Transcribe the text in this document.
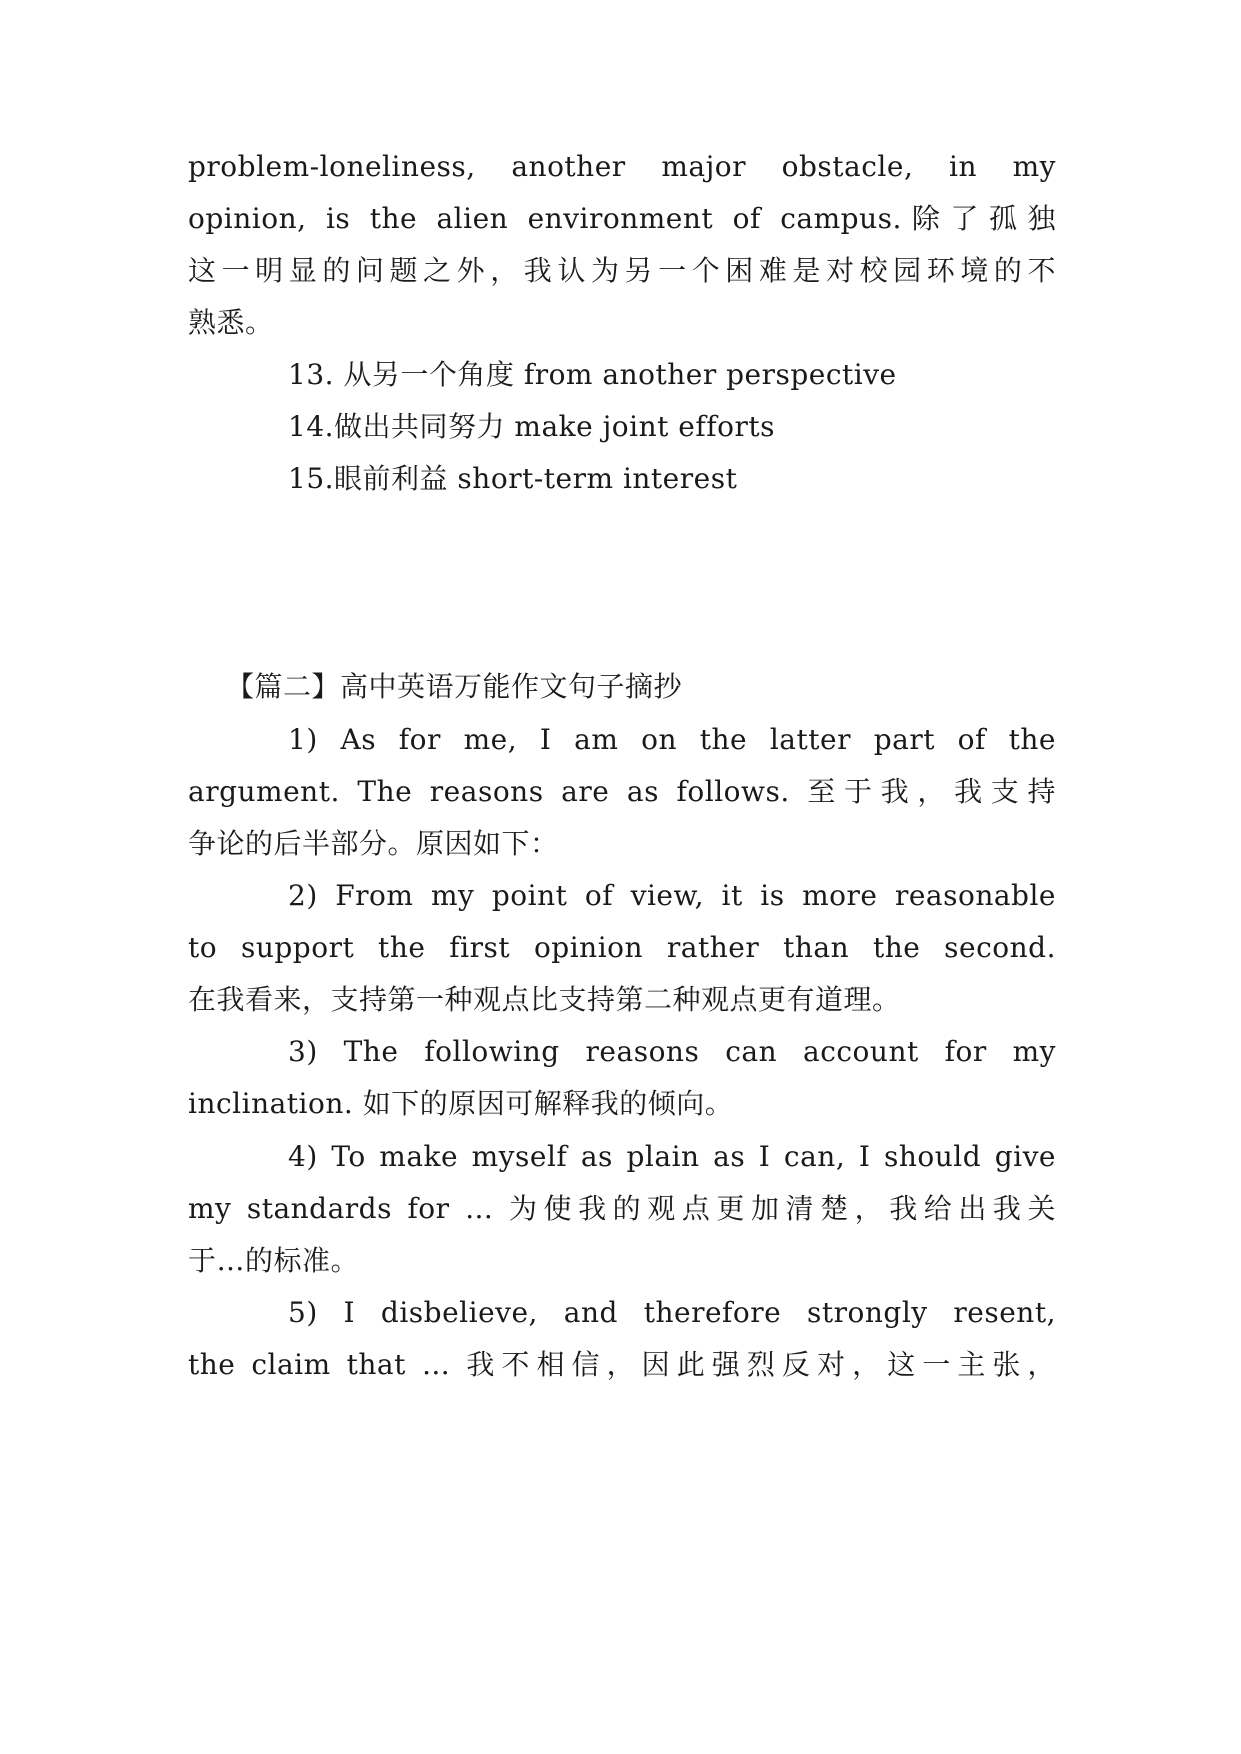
problem-loneliness, another major obstacle, in my
opinion, is the alien environment of campus.除了孤独
这一明显的问题之外，我认为另一个困难是对校园环境的不
熟悉。
13. 从另一个角度 from another perspective
14.做出共同努力 make joint efforts
15.眼前利益 short-term interest
【篇二】高中英语万能作文句子摘抄
1) As for me, I am on the latter part of the
argument. The reasons are as follows. 至于我，我支持
争论的后半部分。原因如下：
2) From my point of view, it is more reasonable
to support the first opinion rather than the second.
在我看来，支持第一种观点比支持第二种观点更有道理。
3) The following reasons can account for my
inclination. 如下的原因可解释我的倾向。
4) To make myself as plain as I can, I should give
my standards for … 为使我的观点更加清楚，我给出我关
于…的标准。
5) I disbelieve, and therefore strongly resent,
the claim that … 我不相信，因此强烈反对，这一主张，
